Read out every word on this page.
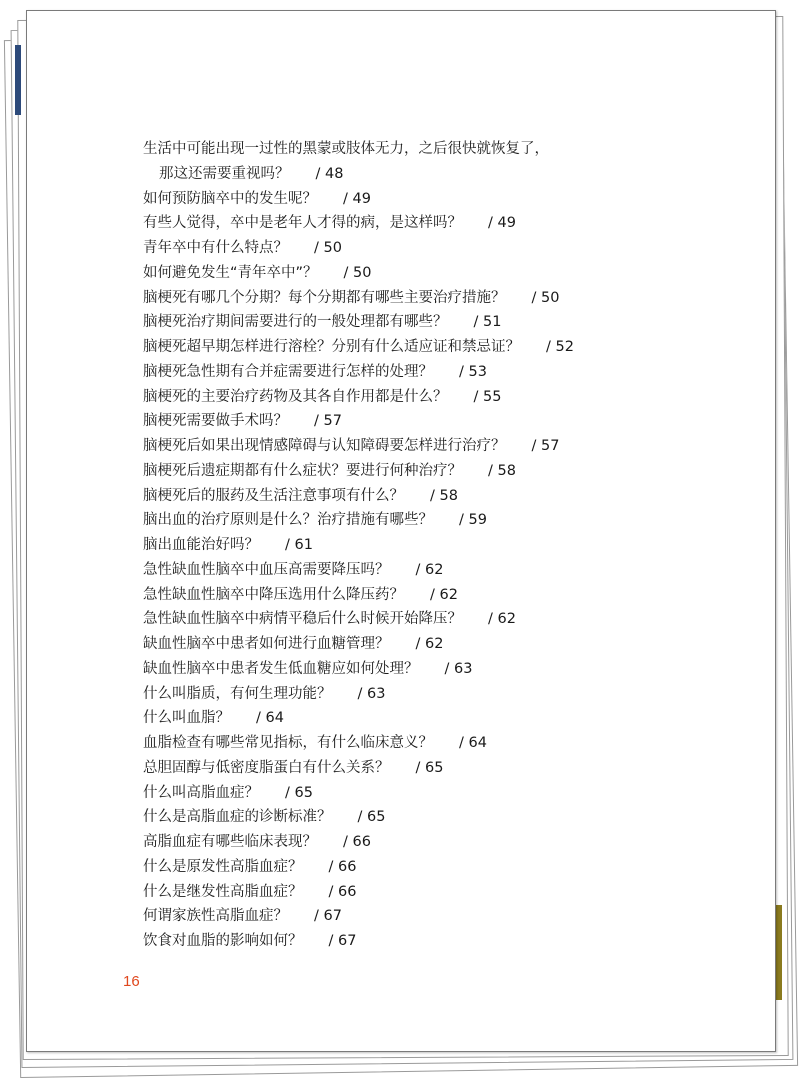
生活中可能出现一过性的黑蒙或肢体无力，之后很快就恢复了，
那这还需要重视吗？ / 48
如何预防脑卒中的发生呢？ / 49
有些人觉得，卒中是老年人才得的病，是这样吗？ / 49
青年卒中有什么特点？ / 50
如何避免发生“青年卒中”？ / 50
脑梗死有哪几个分期？每个分期都有哪些主要治疗措施？ / 50
脑梗死治疗期间需要进行的一般处理都有哪些？ / 51
脑梗死超早期怎样进行溶栓？分别有什么适应证和禁忌证？ / 52
脑梗死急性期有合并症需要进行怎样的处理？ / 53
脑梗死的主要治疗药物及其各自作用都是什么？ / 55
脑梗死需要做手术吗？ / 57
脑梗死后如果出现情感障碍与认知障碍要怎样进行治疗？ / 57
脑梗死后遗症期都有什么症状？要进行何种治疗？ / 58
脑梗死后的服药及生活注意事项有什么？ / 58
脑出血的治疗原则是什么？治疗措施有哪些？ / 59
脑出血能治好吗？ / 61
急性缺血性脑卒中血压高需要降压吗？ / 62
急性缺血性脑卒中降压选用什么降压药？ / 62
急性缺血性脑卒中病情平稳后什么时候开始降压？ / 62
缺血性脑卒中患者如何进行血糖管理？ / 62
缺血性脑卒中患者发生低血糖应如何处理？ / 63
什么叫脂质，有何生理功能？ / 63
什么叫血脂？ / 64
血脂检查有哪些常见指标，有什么临床意义？ / 64
总胆固醇与低密度脂蛋白有什么关系？ / 65
什么叫高脂血症？ / 65
什么是高脂血症的诊断标准？ / 65
高脂血症有哪些临床表现？ / 66
什么是原发性高脂血症？ / 66
什么是继发性高脂血症？ / 66
何谓家族性高脂血症？ / 67
饮食对血脂的影响如何？ / 67
16
